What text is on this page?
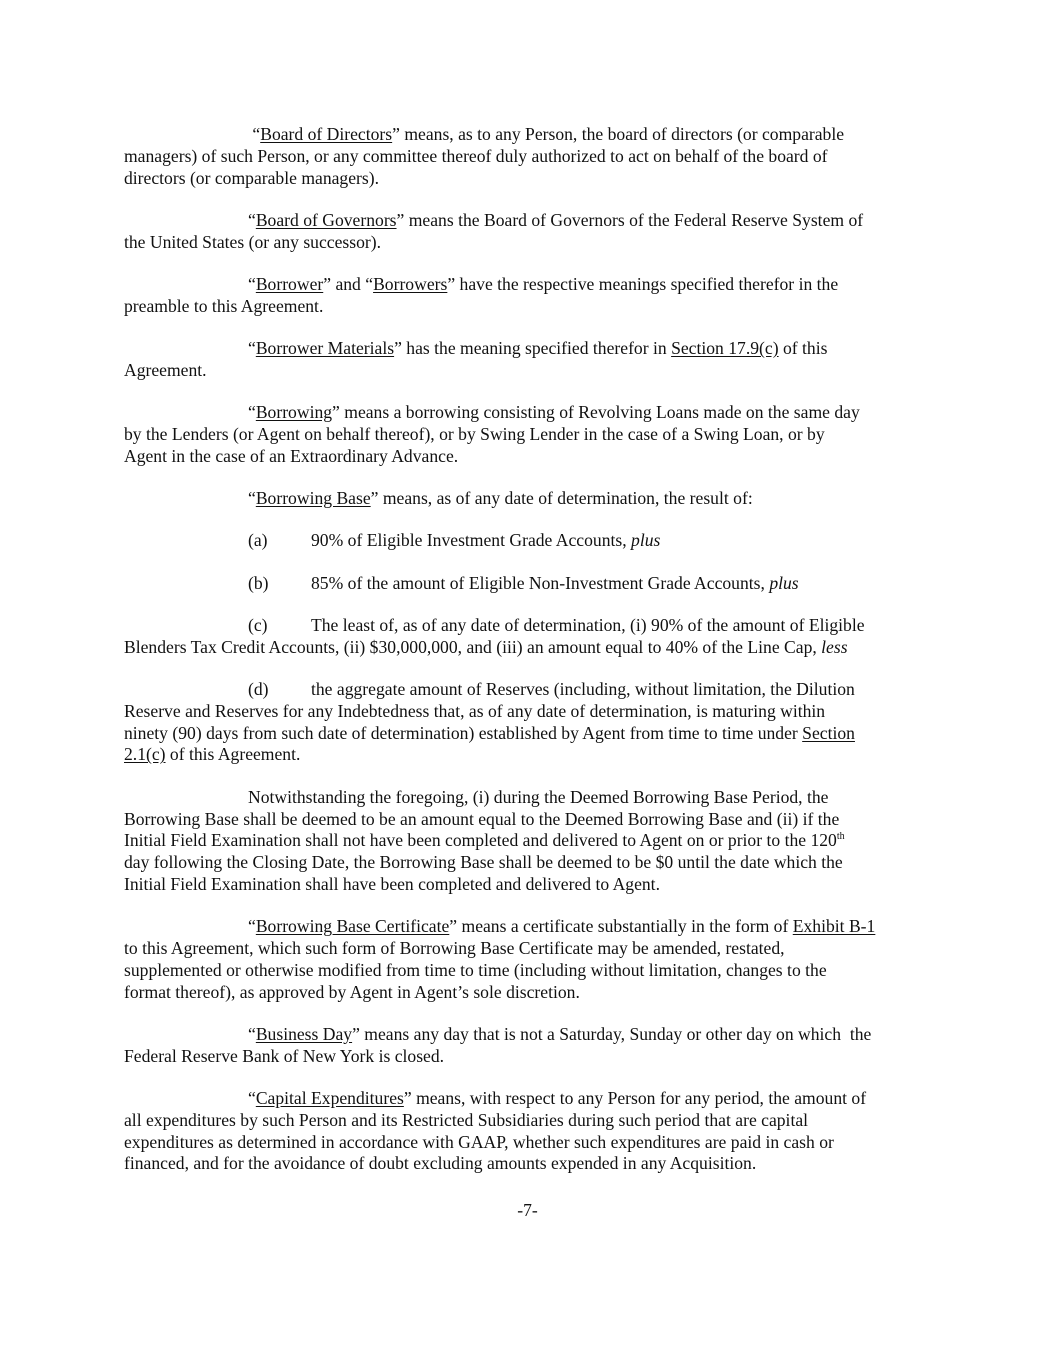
“Board of Directors” means, as to any Person, the board of directors (or comparable
managers) of such Person, or any committee thereof duly authorized to act on behalf of the board of
directors (or comparable managers).
“Board of Governors” means the Board of Governors of the Federal Reserve System of
the United States (or any successor).
“Borrower” and “Borrowers” have the respective meanings specified therefor in the
preamble to this Agreement.
“Borrower Materials” has the meaning specified therefor in Section 17.9(c) of this
Agreement.
“Borrowing” means a borrowing consisting of Revolving Loans made on the same day
by the Lenders (or Agent on behalf thereof), or by Swing Lender in the case of a Swing Loan, or by
Agent in the case of an Extraordinary Advance.
“Borrowing Base” means, as of any date of determination, the result of:
(a) 90% of Eligible Investment Grade Accounts, plus
(b) 85% of the amount of Eligible Non-Investment Grade Accounts, plus
(c) The least of, as of any date of determination, (i) 90% of the amount of Eligible
Blenders Tax Credit Accounts, (ii) $30,000,000, and (iii) an amount equal to 40% of the Line Cap, less
(d) the aggregate amount of Reserves (including, without limitation, the Dilution
Reserve and Reserves for any Indebtedness that, as of any date of determination, is maturing within
ninety (90) days from such date of determination) established by Agent from time to time under Section
2.1(c) of this Agreement.
Notwithstanding the foregoing, (i) during the Deemed Borrowing Base Period, the
Borrowing Base shall be deemed to be an amount equal to the Deemed Borrowing Base and (ii) if the
Initial Field Examination shall not have been completed and delivered to Agent on or prior to the 120th
day following the Closing Date, the Borrowing Base shall be deemed to be $0 until the date which the
Initial Field Examination shall have been completed and delivered to Agent.
“Borrowing Base Certificate” means a certificate substantially in the form of Exhibit B-1
to this Agreement, which such form of Borrowing Base Certificate may be amended, restated,
supplemented or otherwise modified from time to time (including without limitation, changes to the
format thereof), as approved by Agent in Agent’s sole discretion.
“Business Day” means any day that is not a Saturday, Sunday or other day on which  the
Federal Reserve Bank of New York is closed.
“Capital Expenditures” means, with respect to any Person for any period, the amount of
all expenditures by such Person and its Restricted Subsidiaries during such period that are capital
expenditures as determined in accordance with GAAP, whether such expenditures are paid in cash or
financed, and for the avoidance of doubt excluding amounts expended in any Acquisition.
-7-
